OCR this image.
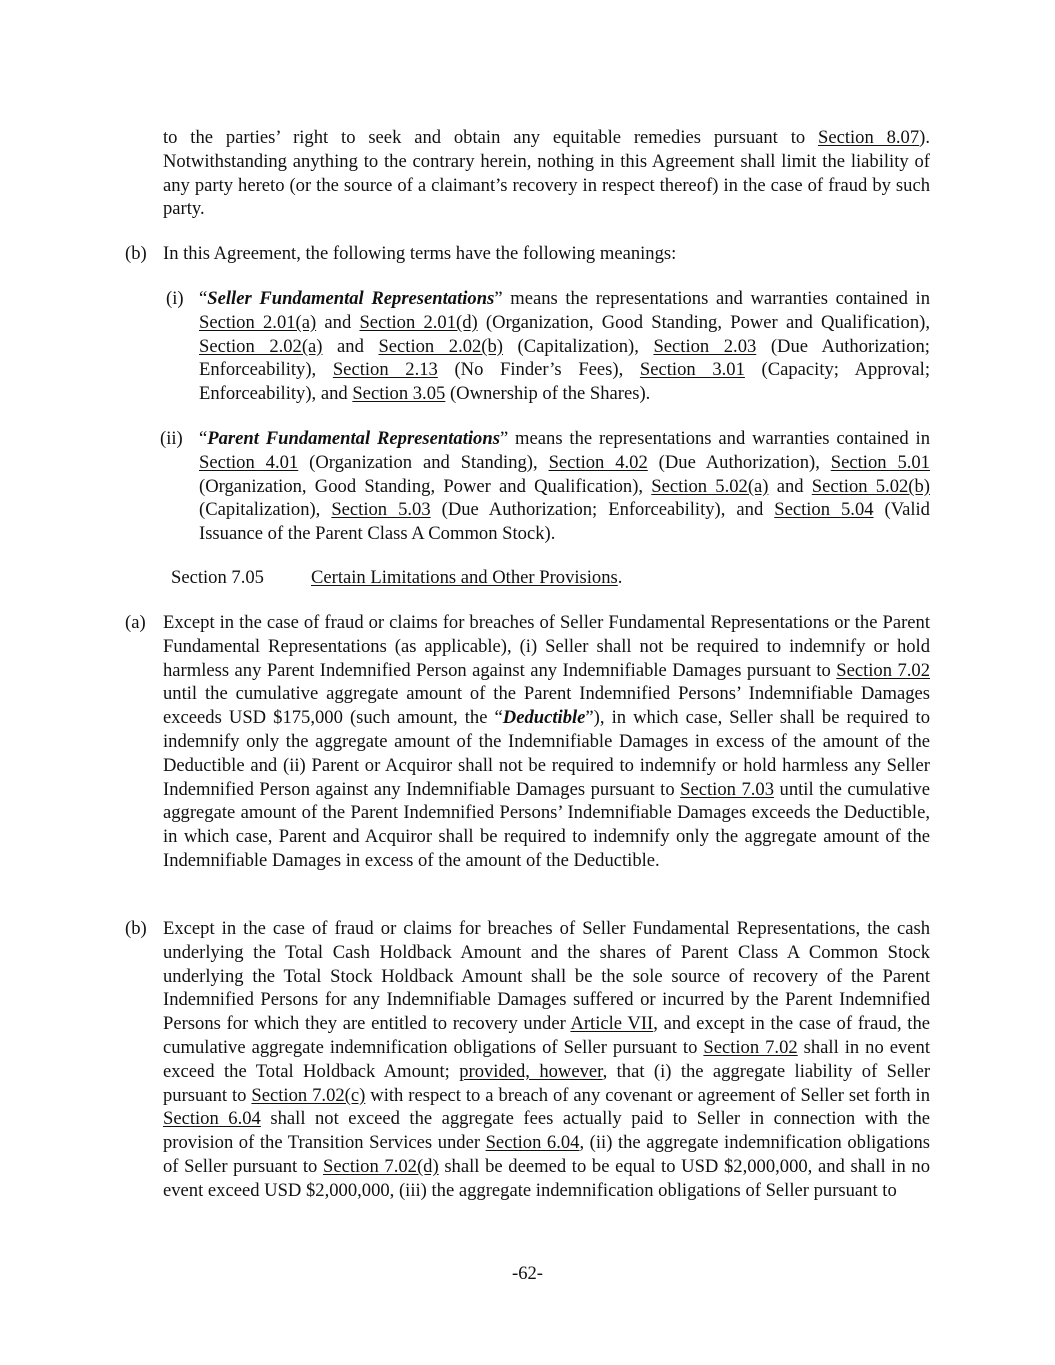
to the parties’ right to seek and obtain any equitable remedies pursuant to Section 8.07). Notwithstanding anything to the contrary herein, nothing in this Agreement shall limit the liability of any party hereto (or the source of a claimant’s recovery in respect thereof) in the case of fraud by such party.

(b) In this Agreement, the following terms have the following meanings:

(i) “Seller Fundamental Representations” means the representations and warranties contained in Section 2.01(a) and Section 2.01(d) (Organization, Good Standing, Power and Qualification), Section 2.02(a) and Section 2.02(b) (Capitalization), Section 2.03 (Due Authorization; Enforceability), Section 2.13 (No Finder’s Fees), Section 3.01 (Capacity; Approval; Enforceability), and Section 3.05 (Ownership of the Shares).

(ii) “Parent Fundamental Representations” means the representations and warranties contained in Section 4.01 (Organization and Standing), Section 4.02 (Due Authorization), Section 5.01 (Organization, Good Standing, Power and Qualification), Section 5.02(a) and Section 5.02(b) (Capitalization), Section 5.03 (Due Authorization; Enforceability), and Section 5.04 (Valid Issuance of the Parent Class A Common Stock).

Section 7.05	Certain Limitations and Other Provisions.
(a) Except in the case of fraud or claims for breaches of Seller Fundamental Representations or the Parent Fundamental Representations (as applicable), (i) Seller shall not be required to indemnify or hold harmless any Parent Indemnified Person against any Indemnifiable Damages pursuant to Section 7.02 until the cumulative aggregate amount of the Parent Indemnified Persons’ Indemnifiable Damages exceeds USD $175,000 (such amount, the “Deductible”), in which case, Seller shall be required to indemnify only the aggregate amount of the Indemnifiable Damages in excess of the amount of the Deductible and (ii) Parent or Acquiror shall not be required to indemnify or hold harmless any Seller Indemnified Person against any Indemnifiable Damages pursuant to Section 7.03 until the cumulative aggregate amount of the Parent Indemnified Persons’ Indemnifiable Damages exceeds the Deductible, in which case, Parent and Acquiror shall be required to indemnify only the aggregate amount of the Indemnifiable Damages in excess of the amount of the Deductible.

(b) Except in the case of fraud or claims for breaches of Seller Fundamental Representations, the cash underlying the Total Cash Holdback Amount and the shares of Parent Class A Common Stock underlying the Total Stock Holdback Amount shall be the sole source of recovery of the Parent Indemnified Persons for any Indemnifiable Damages suffered or incurred by the Parent Indemnified Persons for which they are entitled to recovery under Article VII, and except in the case of fraud, the cumulative aggregate indemnification obligations of Seller pursuant to Section 7.02 shall in no event exceed the Total Holdback Amount; provided, however, that (i) the aggregate liability of Seller pursuant to Section 7.02(c) with respect to a breach of any covenant or agreement of Seller set forth in Section 6.04 shall not exceed the aggregate fees actually paid to Seller in connection with the provision of the Transition Services under Section 6.04, (ii) the aggregate indemnification obligations of Seller pursuant to Section 7.02(d) shall be deemed to be equal to USD $2,000,000, and shall in no event exceed USD $2,000,000, (iii) the aggregate indemnification obligations of Seller pursuant to

-62-
